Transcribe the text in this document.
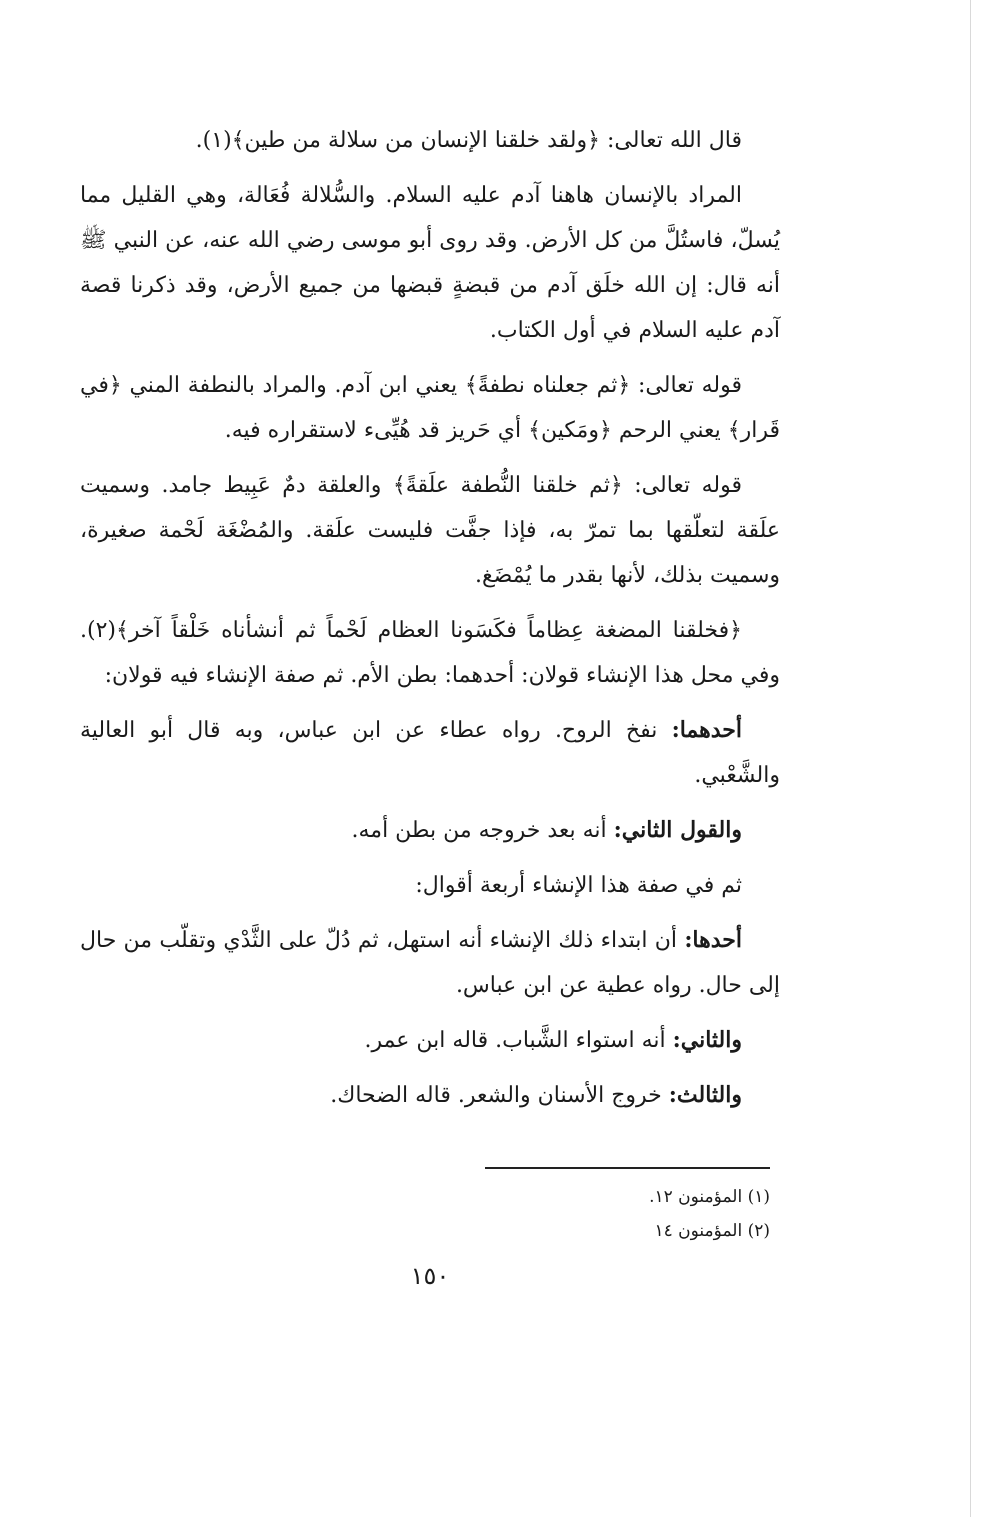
قال الله تعالى: ﴿ولقد خلقنا الإنسان من سلالة من طين﴾(١).

المراد بالإنسان هاهنا آدم عليه السلام. والسُّلالة فُعَالة، وهي القليل مما يُسلّ، فاستُلَّ من كل الأرض. وقد روى أبو موسى رضي الله عنه، عن النبي ﷺ أنه قال: إن الله خلَق آدم من قبضةٍ قبضها من جميع الأرض، وقد ذكرنا قصة آدم عليه السلام في أول الكتاب.

قوله تعالى: ﴿ثم جعلناه نطفةً﴾ يعني ابن آدم. والمراد بالنطفة المني ﴿في قَرار﴾ يعني الرحم ﴿ومَكين﴾ أي حَريز قد هُيِّىء لاستقراره فيه.

قوله تعالى: ﴿ثم خلقنا النُّطفة علَقةً﴾ والعلقة دمٌ عَبِيط جامد. وسميت علَقة لتعلّقها بما تمرّ به، فإذا جفَّت فليست علَقة. والمُضْغَة لَحْمة صغيرة، وسميت بذلك، لأنها بقدر ما يُمْضَغ.

﴿فخلقنا المضغة عِظاماً فكَسَونا العظام لَحْماً ثم أنشأناه خَلْقاً آخر﴾(٢). وفي محل هذا الإنشاء قولان: أحدهما: بطن الأم. ثم صفة الإنشاء فيه قولان:

أحدهما: نفخ الروح. رواه عطاء عن ابن عباس، وبه قال أبو العالية والشَّعْبي.

والقول الثاني: أنه بعد خروجه من بطن أمه.

ثم في صفة هذا الإنشاء أربعة أقوال:

أحدها: أن ابتداء ذلك الإنشاء أنه استهل، ثم دُلّ على الثَّدْي وتقلّب من حال إلى حال. رواه عطية عن ابن عباس.

والثاني: أنه استواء الشَّباب. قاله ابن عمر.

والثالث: خروج الأسنان والشعر. قاله الضحاك.

(١) المؤمنون ١٢.
(٢) المؤمنون ١٤
١٥٠
